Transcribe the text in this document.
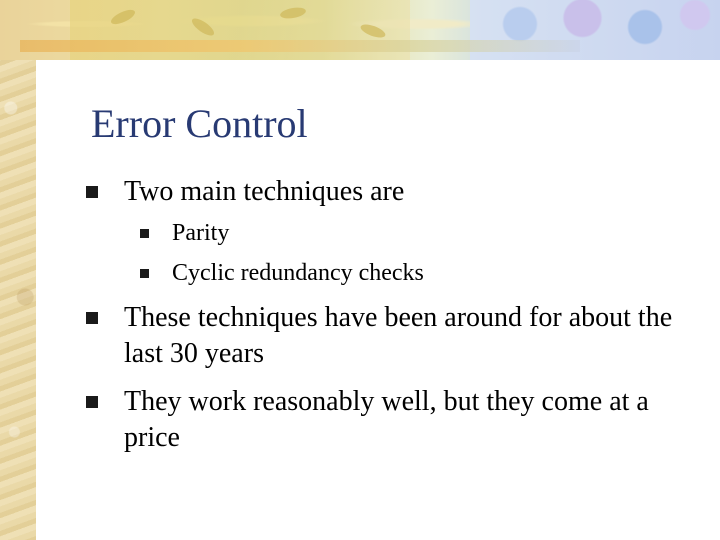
Error Control
Two main techniques are
Parity
Cyclic redundancy checks
These techniques have been around for about the last 30 years
They work reasonably well, but they come at a price
